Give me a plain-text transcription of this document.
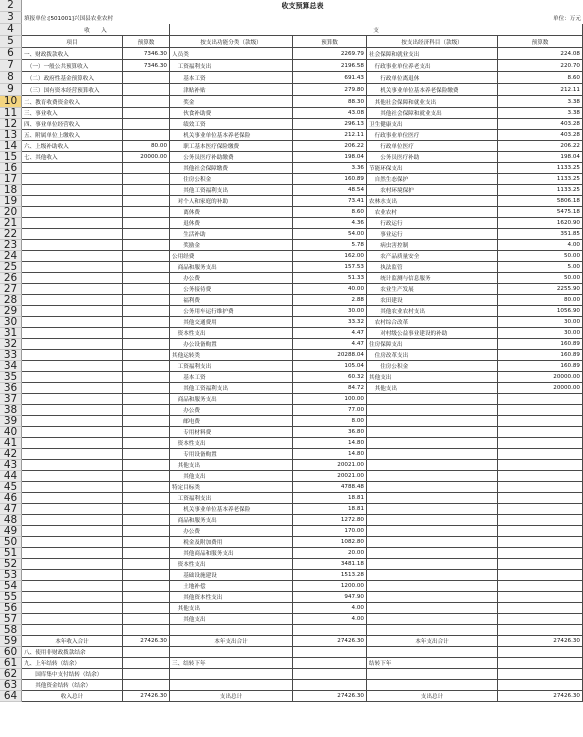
2	收支预算总表
3	填报单位:[501001]兴国县农业农村	单位：万元
4	收　　入	支
5	项目	预算数	按支出功能分类（款级）	预算数	按支出经济科目（款级）	预算数
6	一、财政拨款收入	7346.30 人员类	2269.79 社会保障和就业支出	224.08
7	　（一）一般公共预算收入	7346.30 　工资福利支出	2196.58 　行政事业单位养老支出	220.70
8	　（二）政府性基金预算收入	　　基本工资	691.43 　　行政单位离退休	8.60
9	　（三）国有资本经营预算收入	　　津贴补贴	279.80 　　机关事业单位基本养老保险缴费	212.11
10	二、教育收费资金收入	　　奖金	88.30 　其他社会保障和就业支出	3.38
11	三、事业收入	　　伙食补助费	43.08 　　其他社会保障和就业支出	3.38
12	四、事业单位经营收入	　　绩效工资	296.13 卫生健康支出	403.28
13	五、附属单位上缴收入	　　机关事业单位基本养老保险	212.11 　行政事业单位医疗	403.28
14	六、上级补助收入	80.00 　　职工基本医疗保险缴费	206.22 　　行政单位医疗	206.22
15	七、其他收入	20000.00 　　公务员医疗补助缴费	198.04 　　公务员医疗补助	198.04
16	　　其他社会保障缴费	3.36 节能环保支出	1133.25
17	　　住房公积金	160.89 　自然生态保护	1133.25
18	　　其他工资福利支出	48.54 　　农村环境保护	1133.25
19	　对个人和家庭的补助	73.41 农林水支出	5806.18
20	　　离休费	8.60 　农业农村	5475.18
21	　　退休费	4.36 　　行政运行	1620.90
22	　　生活补助	54.00 　　事业运行	351.85
23	　　奖励金	5.78 　　病虫害控制	4.00
24	公用经费	162.00 　　农产品质量安全	50.00
25	　商品和服务支出	157.53 　　执法监管	5.00
26	　　办公费	51.33 　　统计监测与信息服务	50.00
27	　　公务接待费	40.00 　　农业生产发展	2255.90
28	　　福利费	2.88 　　农田建设	80.00
29	　　公务用车运行维护费	30.00 　　其他农业农村支出	1056.90
30	　　其他交通费用	33.32 　农村综合改革	30.00
31	　资本性支出	4.47 　　对村级公益事业建设的补助	30.00
32	　　办公设备购置	4.47 住房保障支出	160.89
33	其他运转类	20288.04 　住房改革支出	160.89
34	　工资福利支出	105.04 　　住房公积金	160.89
35	　　基本工资	60.32 其他支出	20000.00
36	　　其他工资福利支出	84.72 　其他支出	20000.00
37	　商品和服务支出	100.00
38	　　办公费	77.00
39	　　邮电费	8.00
40	　　专用材料费	36.80
41	　资本性支出	14.80
42	　　专用设备购置	14.80
43	　其他支出	20021.00
44	　　其他支出	20021.00
45	特定目标类	4788.48
46	　工资福利支出	18.81
47	　　机关事业单位基本养老保险	18.81
48	　商品和服务支出	1272.80
49	　　办公费	170.00
50	　　税金及附加费用	1082.80
51	　　其他商品和服务支出	20.00
52	　资本性支出	3481.18
53	　　基础设施建设	1513.28
54	　　土地补偿	1200.00
55	　　其他资本性支出	947.90
56	　其他支出	4.00
57	　　其他支出	4.00
58
59	本年收入合计	27426.30	本年支出合计	27426.30	本年支出合计	27426.30
60	八、使用非财政拨款结余
61	九、上年结转（结余）	三、结转下年	结转下年
62	　　国库集中支付结转（结余）
63	　　其他资金结转（结余）
64	收入总计	27426.30	支出总计	27426.30	支出总计	27426.30
